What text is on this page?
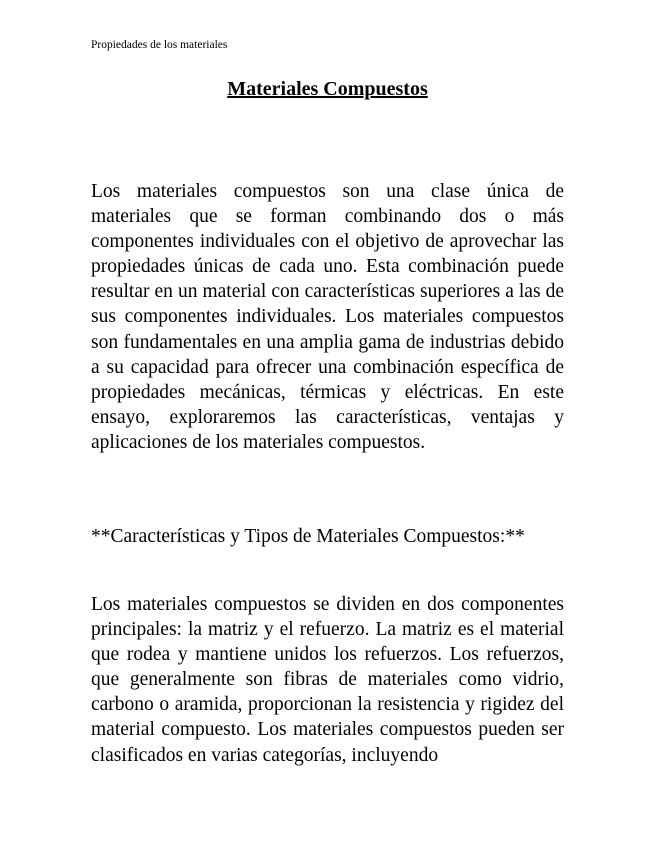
Propiedades de los materiales
Materiales Compuestos

Los materiales compuestos son una clase única de materiales que se forman combinando dos o más componentes individuales con el objetivo de aprovechar las propiedades únicas de cada uno. Esta combinación puede resultar en un material con características superiores a las de sus componentes individuales. Los materiales compuestos son fundamentales en una amplia gama de industrias debido a su capacidad para ofrecer una combinación específica de propiedades mecánicas, térmicas y eléctricas. En este ensayo, exploraremos las características, ventajas y aplicaciones de los materiales compuestos.

**Características y Tipos de Materiales Compuestos:**

Los materiales compuestos se dividen en dos componentes principales: la matriz y el refuerzo. La matriz es el material que rodea y mantiene unidos los refuerzos. Los refuerzos, que generalmente son fibras de materiales como vidrio, carbono o aramida, proporcionan la resistencia y rigidez del material compuesto. Los materiales compuestos pueden ser clasificados en varias categorías, incluyendo
